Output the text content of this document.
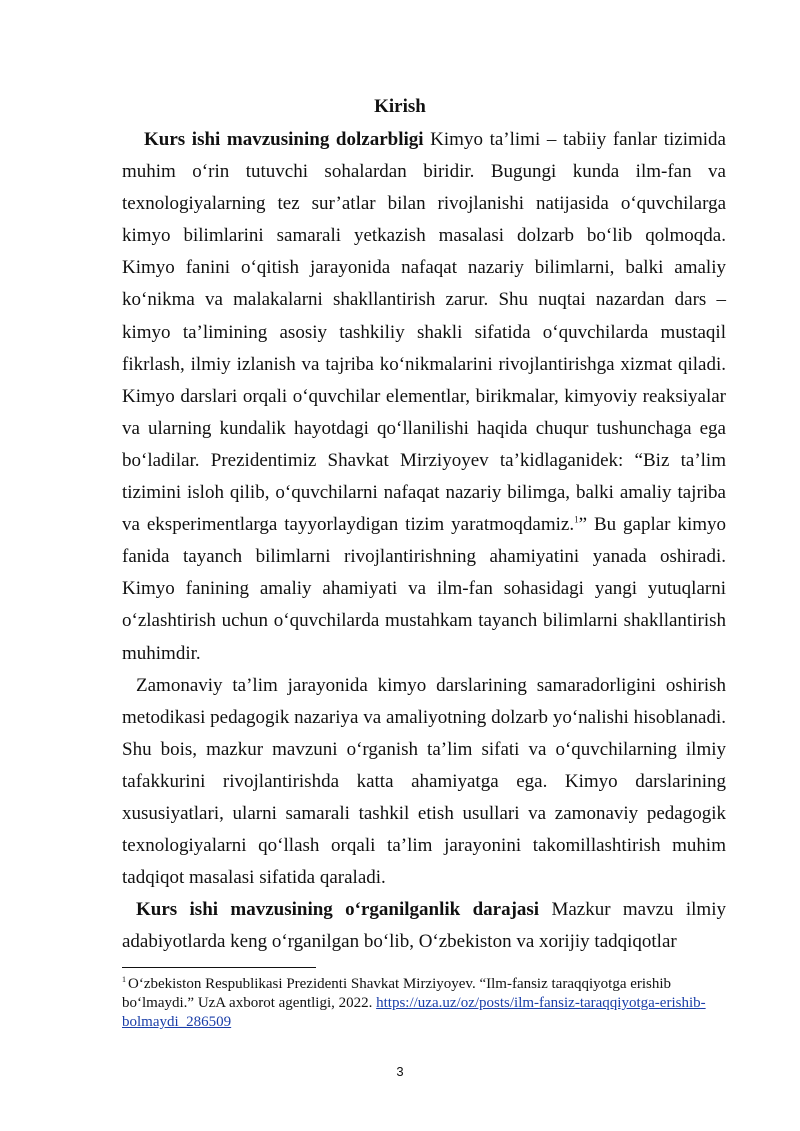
Kirish

Kurs ishi mavzusining dolzarbligi Kimyo ta’limi – tabiiy fanlar tizimida muhim o‘rin tutuvchi sohalardan biridir. Bugungi kunda ilm-fan va texnologiyalarning tez sur’atlar bilan rivojlanishi natijasida o‘quvchilarga kimyo bilimlarini samarali yetkazish masalasi dolzarb bo‘lib qolmoqda. Kimyo fanini o‘qitish jarayonida nafaqat nazariy bilimlarni, balki amaliy ko‘nikma va malakalarni shakllantirish zarur. Shu nuqtai nazardan dars – kimyo ta’limining asosiy tashkiliy shakli sifatida o‘quvchilarda mustaqil fikrlash, ilmiy izlanish va tajriba ko‘nikmalarini rivojlantirishga xizmat qiladi. Kimyo darslari orqali o‘quvchilar elementlar, birikmalar, kimyoviy reaksiyalar va ularning kundalik hayotdagi qo‘llanilishi haqida chuqur tushunchaga ega bo‘ladilar. Prezidentimiz Shavkat Mirziyoyev ta’kidlaganidek: “Biz ta’lim tizimini isloh qilib, o‘quvchilarni nafaqat nazariy bilimga, balki amaliy tajriba va eksperimentlarga tayyorlaydigan tizim yaratmoqdamiz.$^1$” Bu gaplar kimyo fanida tayanch bilimlarni rivojlantirishning ahamiyatini yanada oshiradi. Kimyo fanining amaliy ahamiyati va ilm-fan sohasidagi yangi yutuqlarni o‘zlashtirish uchun o‘quvchilarda mustahkam tayanch bilimlarni shakllantirish muhimdir.

Zamonaviy ta’lim jarayonida kimyo darslarining samaradorligini oshirish metodikasi pedagogik nazariya va amaliyotning dolzarb yo‘nalishi hisoblanadi. Shu bois, mazkur mavzuni o‘rganish ta’lim sifati va o‘quvchilarning ilmiy tafakkurini rivojlantirishda katta ahamiyatga ega. Kimyo darslarining xususiyatlari, ularni samarali tashkil etish usullari va zamonaviy pedagogik texnologiyalarni qo‘llash orqali ta’lim jarayonini takomillashtirish muhim tadqiqot masalasi sifatida qaraladi.

Kurs ishi mavzusining o‘rganilganlik darajasi Mazkur mavzu ilmiy adabiyotlarda keng o‘rganilgan bo‘lib, O‘zbekiston va xorijiy tadqiqotlar

$^1$ O‘zbekiston Respublikasi Prezidenti Shavkat Mirziyoyev. “Ilm-fansiz taraqqiyotga erishib bo‘lmaydi.” UzA axborot agentligi, 2022. https://uza.uz/oz/posts/ilm-fansiz-taraqqiyotga-erishib-bolmaydi_286509
3
